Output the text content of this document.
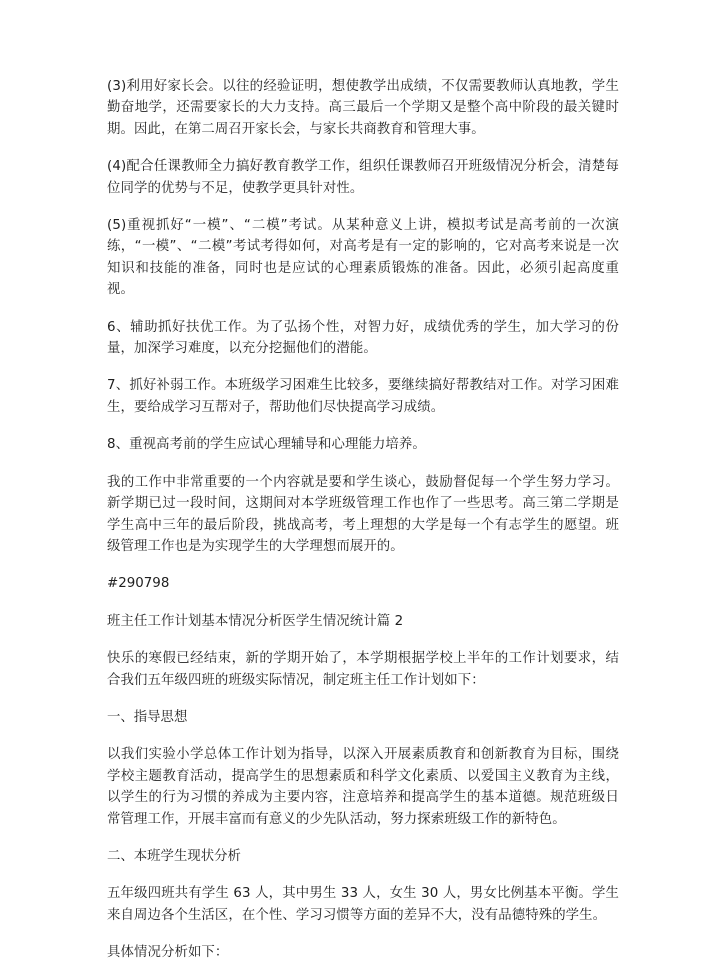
(3)利用好家长会。以往的经验证明，想使教学出成绩，不仅需要教师认真地教，学生勤奋地学，还需要家长的大力支持。高三最后一个学期又是整个高中阶段的最关键时期。因此，在第二周召开家长会，与家长共商教育和管理大事。

(4)配合任课教师全力搞好教育教学工作，组织任课教师召开班级情况分析会，清楚每位同学的优势与不足，使教学更具针对性。

(5)重视抓好“一模”、“二模”考试。从某种意义上讲，模拟考试是高考前的一次演练，“一模”、“二模”考试考得如何，对高考是有一定的影响的，它对高考来说是一次知识和技能的准备，同时也是应试的心理素质锻炼的准备。因此，必须引起高度重视。

6、辅助抓好扶优工作。为了弘扬个性，对智力好，成绩优秀的学生，加大学习的份量，加深学习难度，以充分挖掘他们的潜能。

7、抓好补弱工作。本班级学习困难生比较多，要继续搞好帮教结对工作。对学习困难生，要给成学习互帮对子，帮助他们尽快提高学习成绩。

8、重视高考前的学生应试心理辅导和心理能力培养。

我的工作中非常重要的一个内容就是要和学生谈心，鼓励督促每一个学生努力学习。新学期已过一段时间，这期间对本学班级管理工作也作了一些思考。高三第二学期是学生高中三年的最后阶段，挑战高考，考上理想的大学是每一个有志学生的愿望。班级管理工作也是为实现学生的大学理想而展开的。

#290798

班主任工作计划基本情况分析医学生情况统计篇 2

快乐的寒假已经结束，新的学期开始了，本学期根据学校上半年的工作计划要求，结合我们五年级四班的班级实际情况，制定班主任工作计划如下：

一、指导思想

以我们实验小学总体工作计划为指导，以深入开展素质教育和创新教育为目标，围绕学校主题教育活动，提高学生的思想素质和科学文化素质、以爱国主义教育为主线，以学生的行为习惯的养成为主要内容，注意培养和提高学生的基本道德。规范班级日常管理工作，开展丰富而有意义的少先队活动，努力探索班级工作的新特色。

二、本班学生现状分析

五年级四班共有学生 63 人，其中男生 33 人，女生 30 人，男女比例基本平衡。学生来自周边各个生活区，在个性、学习习惯等方面的差异不大，没有品德特殊的学生。

具体情况分析如下：
